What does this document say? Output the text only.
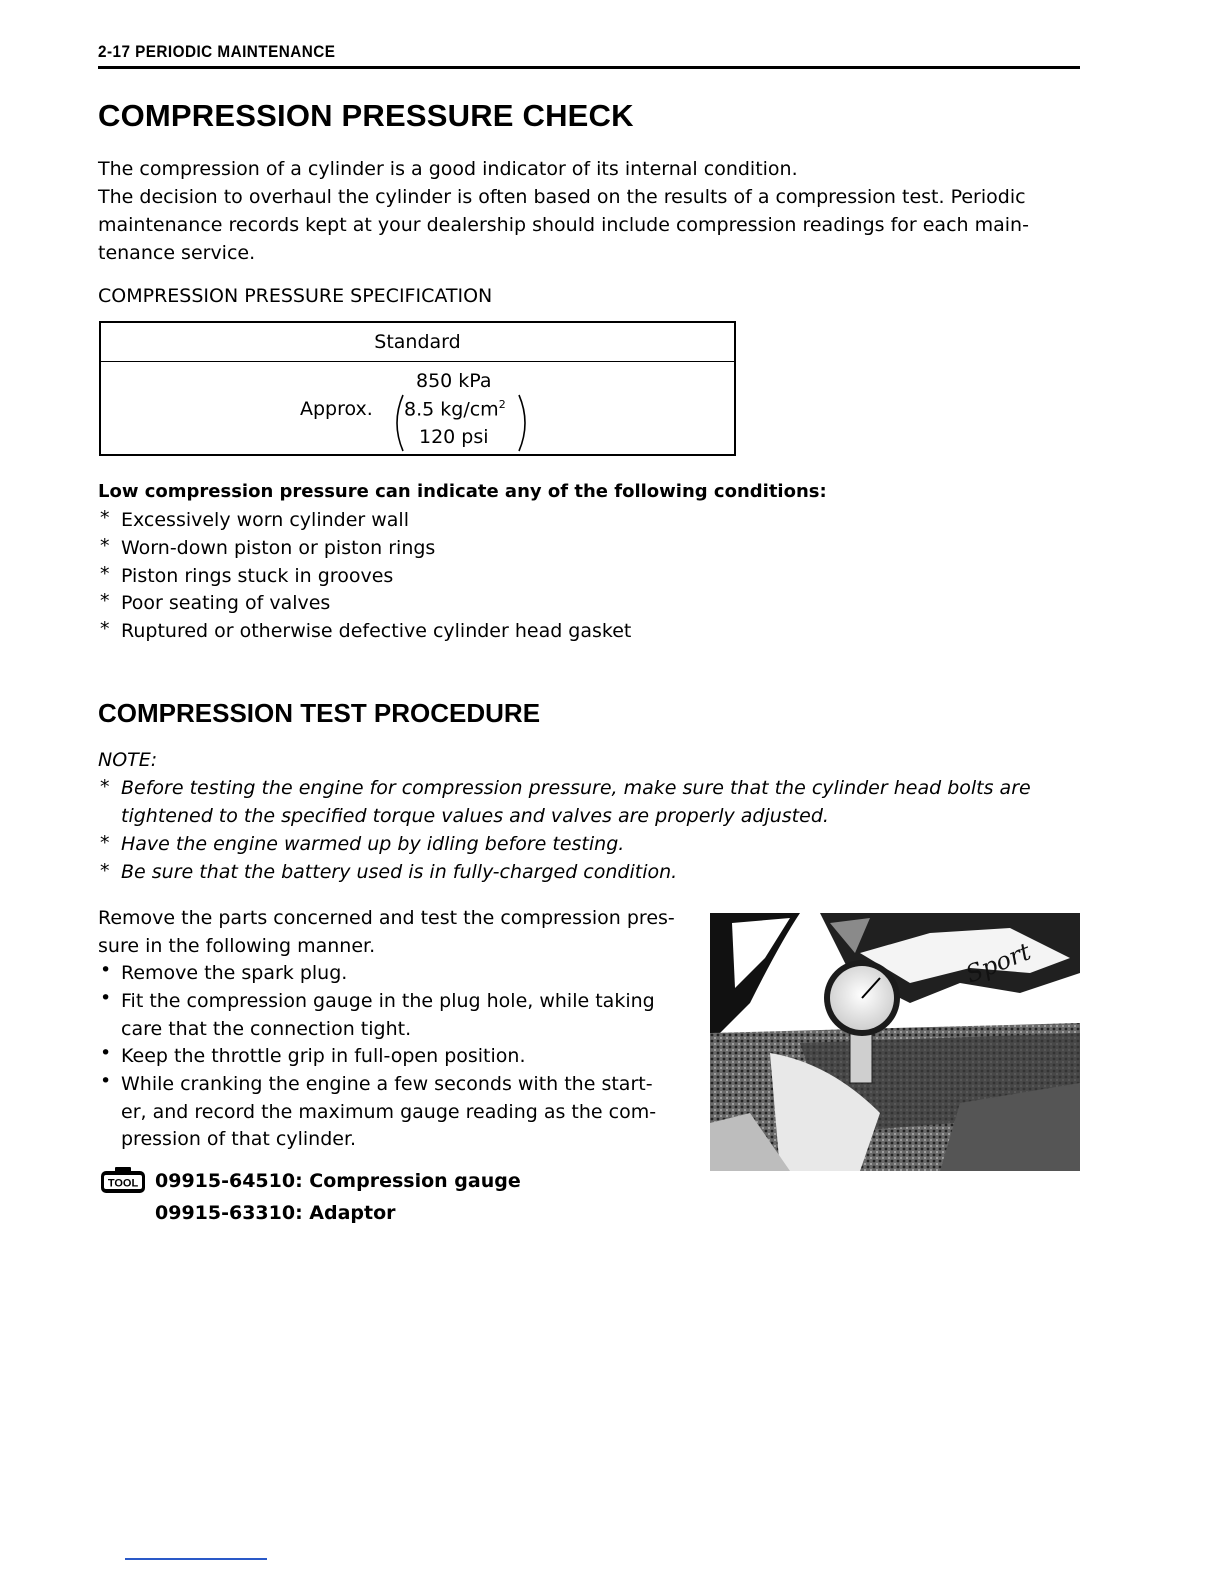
2-17 PERIODIC MAINTENANCE
COMPRESSION PRESSURE CHECK
The compression of a cylinder is a good indicator of its internal condition.
The decision to overhaul the cylinder is often based on the results of a compression test. Periodic
maintenance records kept at your dealership should include compression readings for each main-
tenance service.
COMPRESSION PRESSURE SPECIFICATION
Standard
850 kPa
Approx. 8.5 $kg/cm^2$
120 psi
Low compression pressure can indicate any of the following conditions:
* Excessively worn cylinder wall
* Worn-down piston or piston rings
* Piston rings stuck in grooves
* Poor seating of valves
* Ruptured or otherwise defective cylinder head gasket
COMPRESSION TEST PROCEDURE
NOTE:
* Before testing the engine for compression pressure, make sure that the cylinder head bolts are
tightened to the specified torque values and valves are properly adjusted.
* Have the engine warmed up by idling before testing.
* Be sure that the battery used is in fully-charged condition.
Remove the parts concerned and test the compression pres-
sure in the following manner.
• Remove the spark plug.
• Fit the compression gauge in the plug hole, while taking
care that the connection tight.
• Keep the throttle grip in full-open position.
• While cranking the engine a few seconds with the start-
er, and record the maximum gauge reading as the com-
pression of that cylinder.
TOOL 09915-64510: Compression gauge
09915-63310: Adaptor
Sport
